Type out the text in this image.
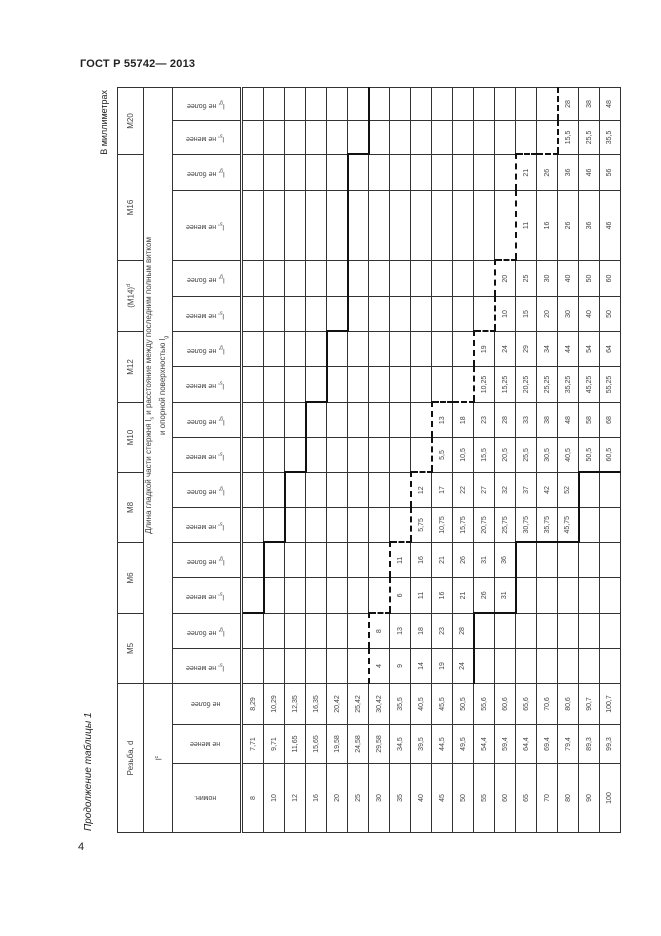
ГОСТ Р 55742— 2013
4
Продолжение таблицы 1
В миллиметрах
Резьба, d			M5		M6		M8		M10		M12		$(M14)^d$		M16		M20	
$l^c$			Длина гладкой части стержня $l_s$ и расстояние между последним полным витком и опорной поверхностью $l_g$
номин.	не менее	не более	$l_s$, не менее	$l_g$, не более	$l_s$, не менее	$l_g$, не более	$l_s$, не менее	$l_g$, не более	$l_s$, не менее	$l_g$, не более	$l_s$, не менее	$l_g$, не более	$l_s$, не менее	$l_g$, не более	$l_s$, не менее	$l_g$, не более	$l_s$, не менее	$l_g$, не более
8	7,71	8,29																
10	9,71	10,29																
12	11,65	12,35																
16	15,65	16,35																
20	19,58	20,42																
25	24,58	25,42																
30	29,58	30,42	4	8														
35	34,5	35,5	9	13	6	11												
40	39,5	40,5	14	18	11	16	5,75	12										
45	44,5	45,5	19	23	16	21	10,75	17	5,5	13								
50	49,5	50,5	24	28	21	26	15,75	22	10,5	18								
55	54,4	55,6			26	31	20,75	27	15,5	23	10,25	19						
60	59,4	60,6			31	36	25,75	32	20,5	28	15,25	24	10	20				
65	64,4	65,6					30,75	37	25,5	33	20,25	29	15	25	11	21		
70	69,4	70,6					35,75	42	30,5	38	25,25	34	20	30	16	26		
80	79,4	80,6					45,75	52	40,5	48	35,25	44	30	40	26	36	15,5	28
90	89,3	90,7							50,5	58	45,25	54	40	50	36	46	25,5	38
100	99,3	100,7							60,5	68	55,25	64	50	60	46	56	35,5	48
